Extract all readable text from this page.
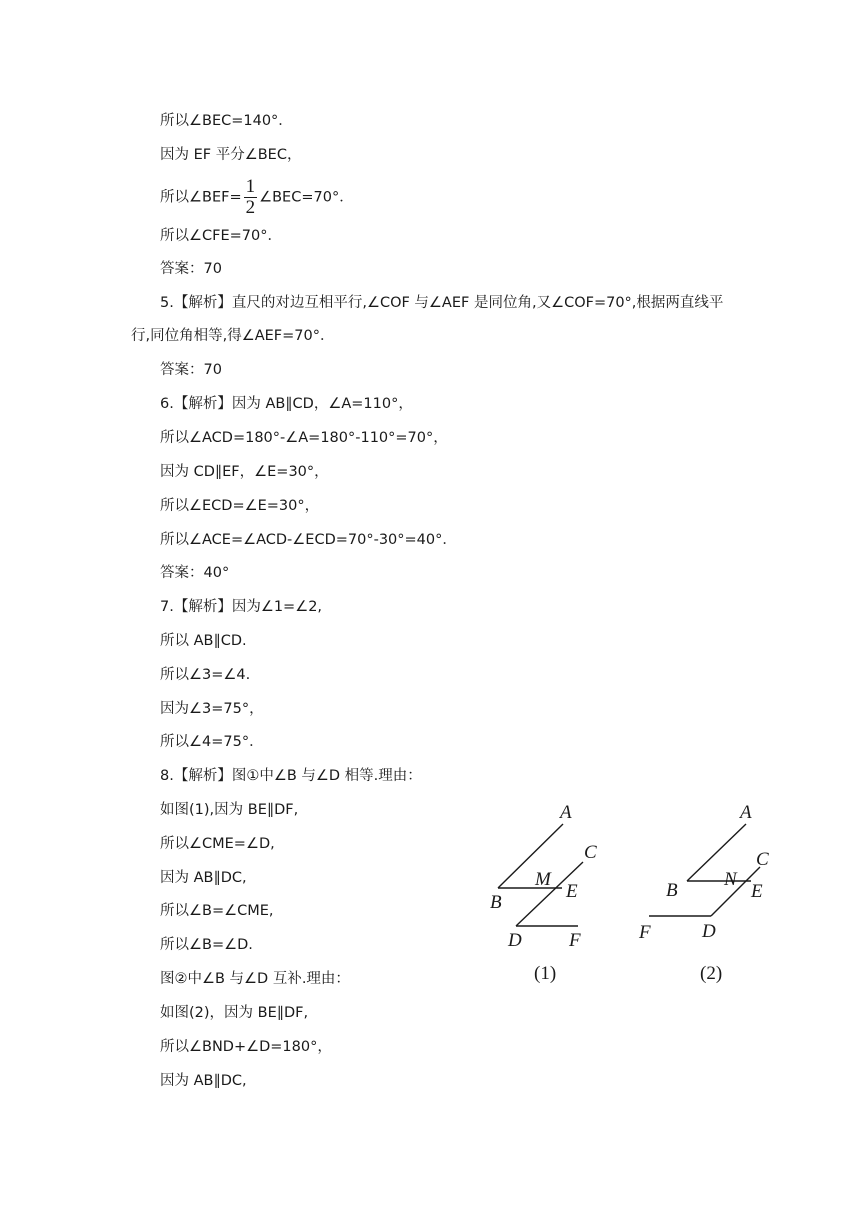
所以∠BEC=140°．
因为 EF 平分∠BEC，
所以∠BEF= $\frac{1}{2}$ ∠BEC=70°．
所以∠CFE=70°．
答案：70
5.【解析】直尺的对边互相平行,∠COF 与∠AEF 是同位角,又∠COF=70°,根据两直线平
行,同位角相等,得∠AEF=70°．
答案：70
6.【解析】因为 AB∥CD，∠A=110°，
所以∠ACD=180°-∠A=180°-110°=70°，
因为 CD∥EF，∠E=30°，
所以∠ECD=∠E=30°，
所以∠ACE=∠ACD-∠ECD=70°-30°=40°．
答案：40°
7.【解析】因为∠1=∠2,
所以 AB∥CD.
所以∠3=∠4.
因为∠3=75°，
所以∠4=75°．
8.【解析】图①中∠B 与∠D 相等.理由：
如图(1),因为 BE∥DF,
所以∠CME=∠D,
因为 AB∥DC,
所以∠B=∠CME,
所以∠B=∠D.
图②中∠B 与∠D 互补.理由：
如图(2)，因为 BE∥DF,
所以∠BND+∠D=180°，
因为 AB∥DC,
A
C
M
E
B
D F
(1)
A
C
N
E
B
F	D
(2)
